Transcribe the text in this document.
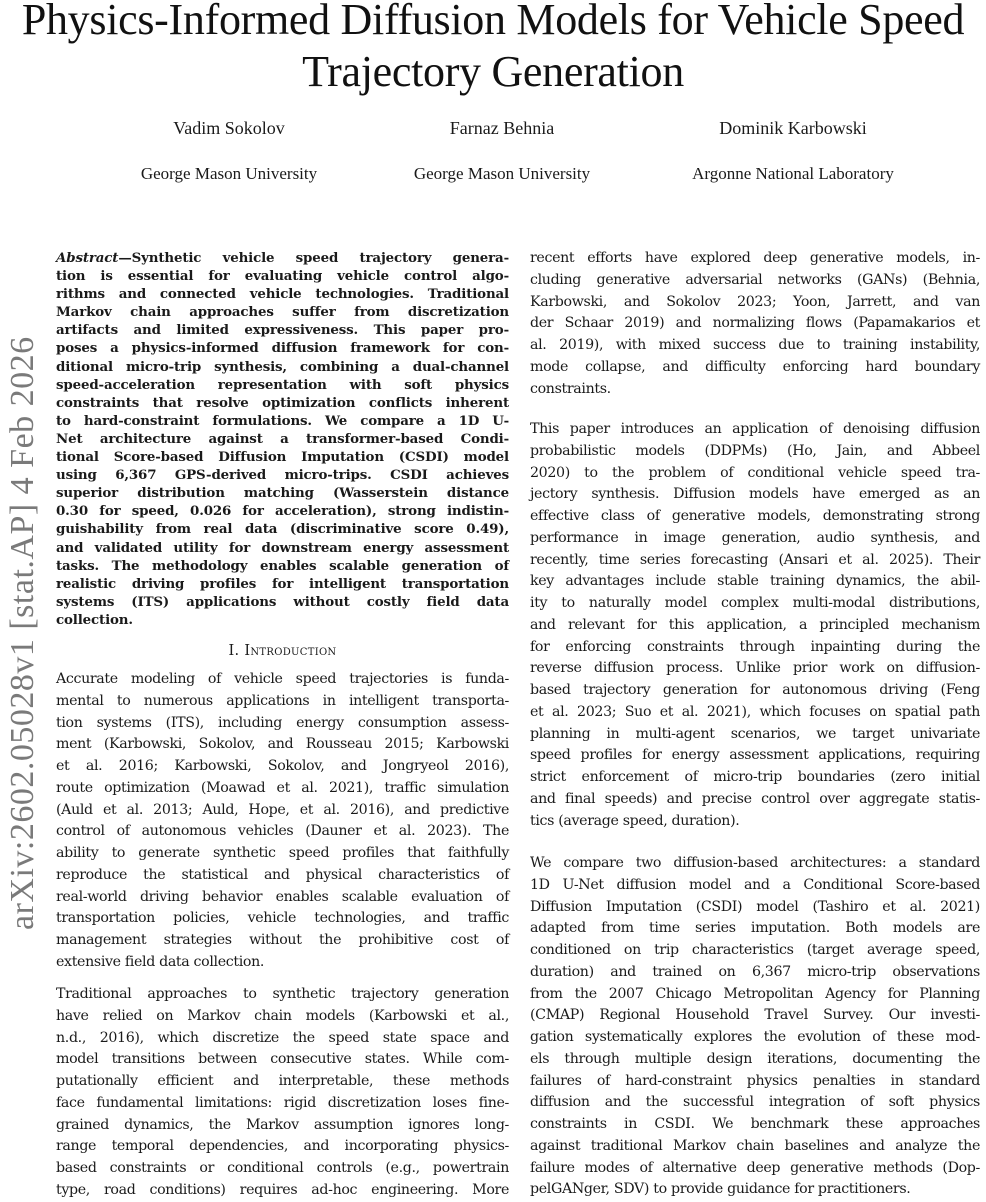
Physics-Informed Diffusion Models for Vehicle Speed
Trajectory Generation
Vadim Sokolov
George Mason University
Farnaz Behnia
George Mason University
Dominik Karbowski
Argonne National Laboratory
arXiv:2602.05028v1 [stat.AP] 4 Feb 2026
Abstract—Synthetic vehicle speed trajectory genera-
tion is essential for evaluating vehicle control algo-
rithms and connected vehicle technologies. Traditional
Markov chain approaches suffer from discretization
artifacts and limited expressiveness. This paper pro-
poses a physics-informed diffusion framework for con-
ditional micro-trip synthesis, combining a dual-channel
speed-acceleration representation with soft physics
constraints that resolve optimization conflicts inherent
to hard-constraint formulations. We compare a 1D U-
Net architecture against a transformer-based Condi-
tional Score-based Diffusion Imputation (CSDI) model
using 6,367 GPS-derived micro-trips. CSDI achieves
superior distribution matching (Wasserstein distance
0.30 for speed, 0.026 for acceleration), strong indistin-
guishability from real data (discriminative score 0.49),
and validated utility for downstream energy assessment
tasks. The methodology enables scalable generation of
realistic driving profiles for intelligent transportation
systems (ITS) applications without costly field data
collection.
I. Introduction
Accurate modeling of vehicle speed trajectories is funda-
mental to numerous applications in intelligent transporta-
tion systems (ITS), including energy consumption assess-
ment (Karbowski, Sokolov, and Rousseau 2015; Karbowski
et al. 2016; Karbowski, Sokolov, and Jongryeol 2016),
route optimization (Moawad et al. 2021), traffic simulation
(Auld et al. 2013; Auld, Hope, et al. 2016), and predictive
control of autonomous vehicles (Dauner et al. 2023). The
ability to generate synthetic speed profiles that faithfully
reproduce the statistical and physical characteristics of
real-world driving behavior enables scalable evaluation of
transportation policies, vehicle technologies, and traffic
management strategies without the prohibitive cost of
extensive field data collection.
Traditional approaches to synthetic trajectory generation
have relied on Markov chain models (Karbowski et al.,
n.d., 2016), which discretize the speed state space and
model transitions between consecutive states. While com-
putationally efficient and interpretable, these methods
face fundamental limitations: rigid discretization loses fine-
grained dynamics, the Markov assumption ignores long-
range temporal dependencies, and incorporating physics-
based constraints or conditional controls (e.g., powertrain
type, road conditions) requires ad-hoc engineering. More
recent efforts have explored deep generative models, in-
cluding generative adversarial networks (GANs) (Behnia,
Karbowski, and Sokolov 2023; Yoon, Jarrett, and van
der Schaar 2019) and normalizing flows (Papamakarios et
al. 2019), with mixed success due to training instability,
mode collapse, and difficulty enforcing hard boundary
constraints.
This paper introduces an application of denoising diffusion
probabilistic models (DDPMs) (Ho, Jain, and Abbeel
2020) to the problem of conditional vehicle speed tra-
jectory synthesis. Diffusion models have emerged as an
effective class of generative models, demonstrating strong
performance in image generation, audio synthesis, and
recently, time series forecasting (Ansari et al. 2025). Their
key advantages include stable training dynamics, the abil-
ity to naturally model complex multi-modal distributions,
and relevant for this application, a principled mechanism
for enforcing constraints through inpainting during the
reverse diffusion process. Unlike prior work on diffusion-
based trajectory generation for autonomous driving (Feng
et al. 2023; Suo et al. 2021), which focuses on spatial path
planning in multi-agent scenarios, we target univariate
speed profiles for energy assessment applications, requiring
strict enforcement of micro-trip boundaries (zero initial
and final speeds) and precise control over aggregate statis-
tics (average speed, duration).
We compare two diffusion-based architectures: a standard
1D U-Net diffusion model and a Conditional Score-based
Diffusion Imputation (CSDI) model (Tashiro et al. 2021)
adapted from time series imputation. Both models are
conditioned on trip characteristics (target average speed,
duration) and trained on 6,367 micro-trip observations
from the 2007 Chicago Metropolitan Agency for Planning
(CMAP) Regional Household Travel Survey. Our investi-
gation systematically explores the evolution of these mod-
els through multiple design iterations, documenting the
failures of hard-constraint physics penalties in standard
diffusion and the successful integration of soft physics
constraints in CSDI. We benchmark these approaches
against traditional Markov chain baselines and analyze the
failure modes of alternative deep generative methods (Dop-
pelGANger, SDV) to provide guidance for practitioners.
